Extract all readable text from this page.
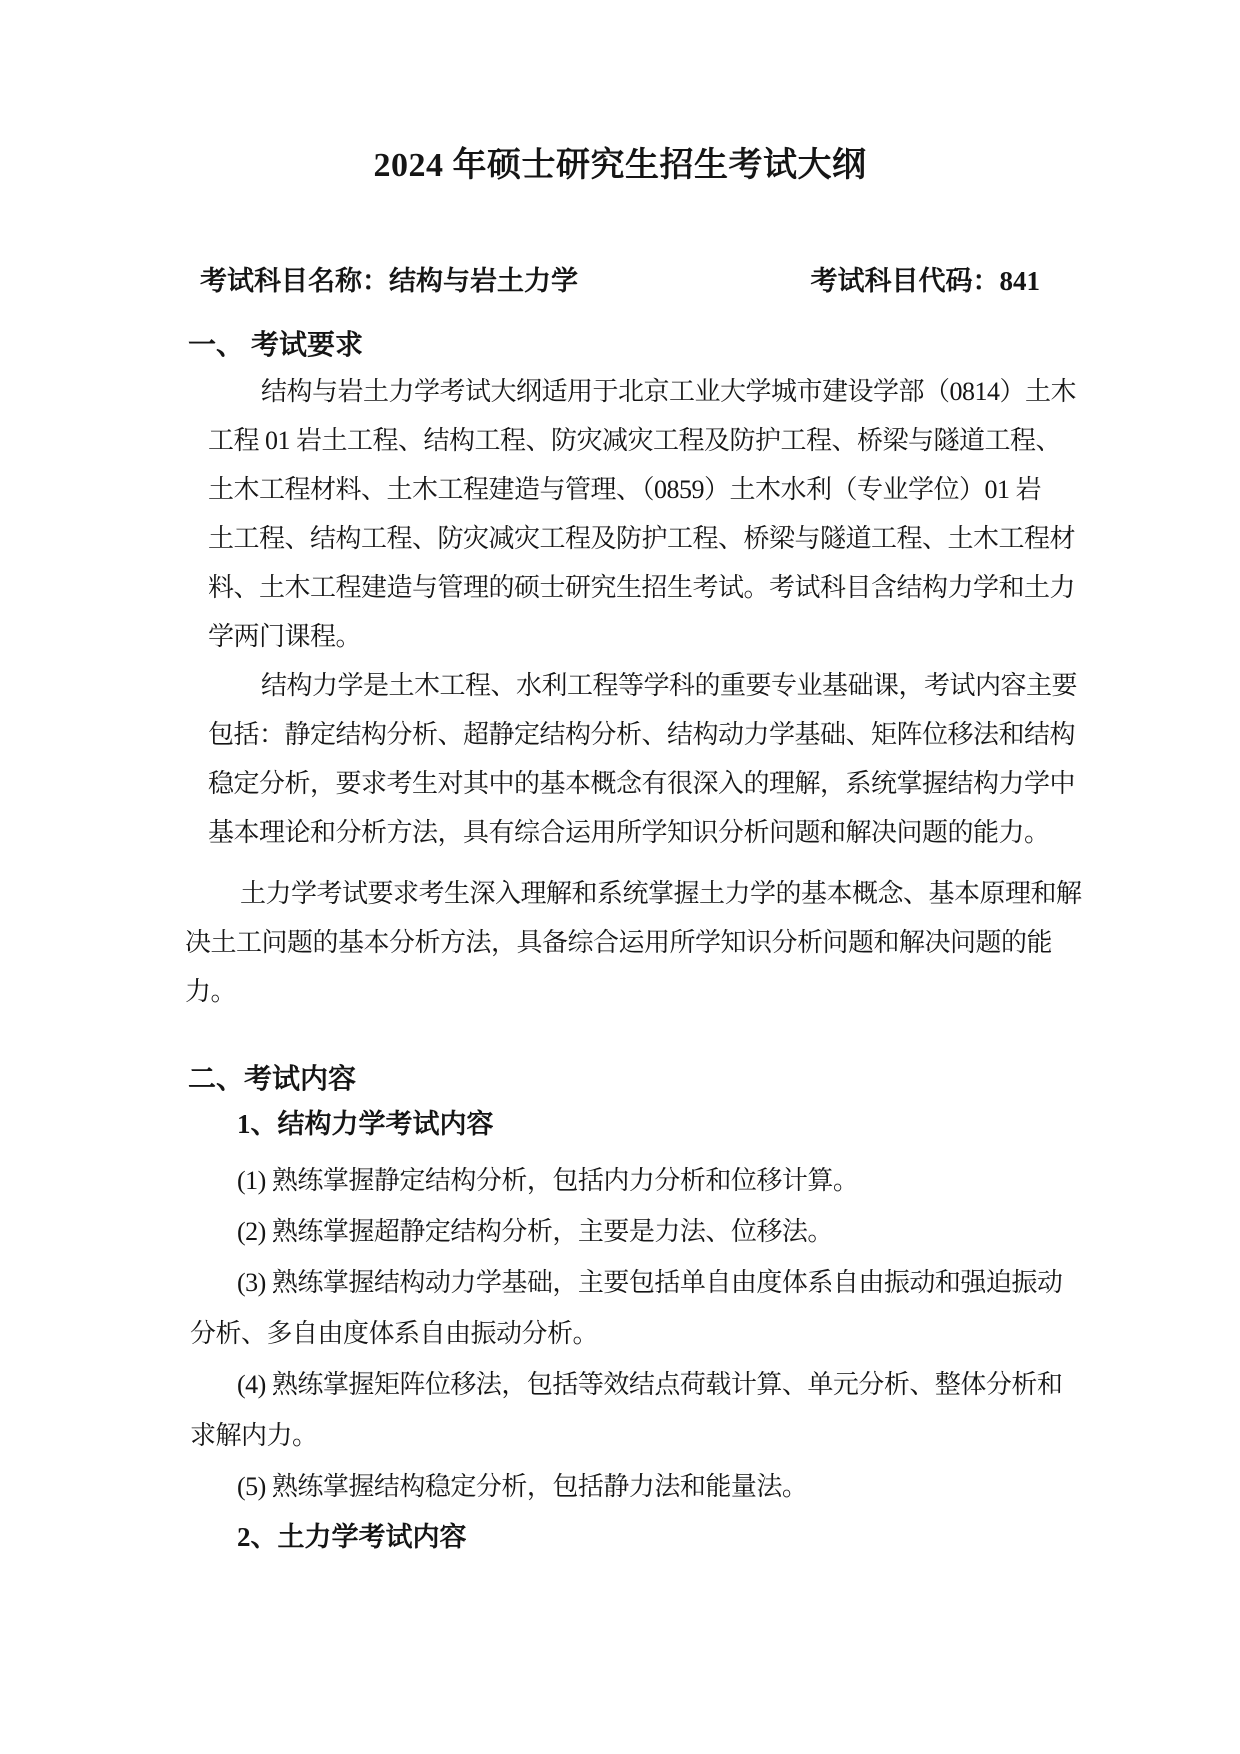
2024 年硕士研究生招生考试大纲
考试科目名称：结构与岩土力学	考试科目代码：841
一、 考试要求
结构与岩土力学考试大纲适用于北京工业大学城市建设学部（0814）土木
工程 01 岩土工程、结构工程、防灾减灾工程及防护工程、桥梁与隧道工程、
土木工程材料、土木工程建造与管理、（0859）土木水利（专业学位）01 岩
土工程、结构工程、防灾减灾工程及防护工程、桥梁与隧道工程、土木工程材
料、土木工程建造与管理的硕士研究生招生考试。考试科目含结构力学和土力
学两门课程。
结构力学是土木工程、水利工程等学科的重要专业基础课，考试内容主要
包括：静定结构分析、超静定结构分析、结构动力学基础、矩阵位移法和结构
稳定分析，要求考生对其中的基本概念有很深入的理解，系统掌握结构力学中
基本理论和分析方法，具有综合运用所学知识分析问题和解决问题的能力。
土力学考试要求考生深入理解和系统掌握土力学的基本概念、基本原理和解
决土工问题的基本分析方法，具备综合运用所学知识分析问题和解决问题的能
力。
二、考试内容
1、结构力学考试内容
(1) 熟练掌握静定结构分析，包括内力分析和位移计算。
(2) 熟练掌握超静定结构分析，主要是力法、位移法。
(3) 熟练掌握结构动力学基础，主要包括单自由度体系自由振动和强迫振动
分析、多自由度体系自由振动分析。
(4) 熟练掌握矩阵位移法，包括等效结点荷载计算、单元分析、整体分析和
求解内力。
(5) 熟练掌握结构稳定分析，包括静力法和能量法。
2、土力学考试内容
